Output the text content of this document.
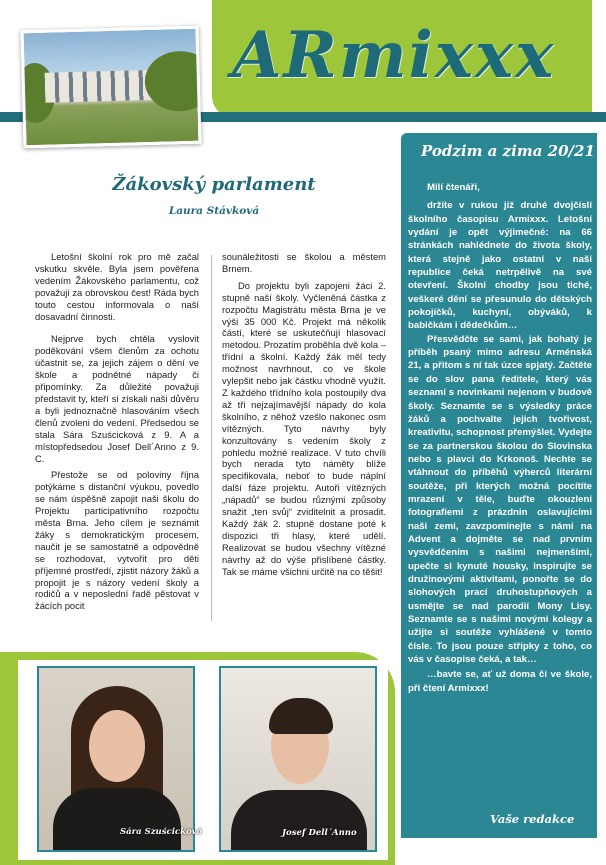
ARmixxx
Žákovský parlament
Laura Stávková

Letošní školní rok pro mě začal vskutku skvěle. Byla jsem pověřena vedením Žákovského parlamentu, což považuji za obrovskou čest! Ráda bych touto cestou informovala o naší dosavadní činnosti.

Nejprve bych chtěla vyslovit poděkování všem členům za ochotu účastnit se, za jejich zájem o dění ve škole a podnětné nápady či připomínky. Za důležité považuji představit ty, kteří si získali naši důvěru a byli jednoznačně hlasováním všech členů zvoleni do vedení. Předsedou se stala Sára Szuścicková z 9. A a místopředsedou Josef Dell´Anno z 9. C.

Přestože se od poloviny října potýkáme s distanční výukou, povedlo se nám úspěšně zapojit naši školu do Projektu participativního rozpočtu města Brna. Jeho cílem je seznámit žáky s demokratickým procesem, naučit je se samostatně a odpovědně se rozhodovat, vytvořit pro děti příjemné prostředí, zjistit názory žáků a propojit je s názory vedení školy a rodičů a v neposlední řadě pěstovat v žácích pocit

sounáležitosti se školou a městem Brnem.

Do projektu byli zapojeni žáci 2. stupně naší školy. Vyčleněná částka z rozpočtu Magistrátu města Brna je ve výši 35 000 Kč. Projekt má několik částí, které se uskutečňují hlasovací metodou. Prozatím proběhla dvě kola – třídní a školní. Každý žák měl tedy možnost navrhnout, co ve škole vylepšit nebo jak částku vhodně využít. Z každého třídního kola postoupily dva až tři nejzajímavější nápady do kola školního, z něhož vzešlo nakonec osm vítězných. Tyto návrhy byly konzultovány s vedením školy z pohledu možné realizace. V tuto chvíli bych nerada tyto náměty blíže specifikovala, neboť to bude náplní další fáze projektu. Autoři vítězných „nápadů“ se budou různými způsoby snažit „ten svůj“ zviditelnit a prosadit. Každý žák 2. stupně dostane poté k dispozici tři hlasy, které udělí. Realizovat se budou všechny vítězné návrhy až do výše přislíbené částky. Tak se máme všichni určitě na co těšit!

Podzim a zima 20/21

Milí čtenáři,

držíte v rukou již druhé dvojčíslí školního časopisu Armixxx. Letošní vydání je opět výjimečné: na 66 stránkách nahlédnete do života školy, která stejně jako ostatní v naší republice čeká netrpělivě na své otevření. Školní chodby jsou tiché, veškeré dění se přesunulo do dětských pokojíčků, kuchyní, obýváků, k babičkám i dědečkům…

Přesvědčte se sami, jak bohatý je příběh psaný mimo adresu Arménská 21, a přitom s ní tak úzce spjatý. Začtěte se do slov pana ředitele, který vás seznamí s novinkami nejenom v budově školy. Seznamte se s výsledky práce žáků a pochvalte jejich tvořivost, kreativitu, schopnost přemýšlet. Vydejte se za partnerskou školou do Slovinska nebo s plavci do Krkonoš. Nechte se vtáhnout do příběhů výherců literární soutěže, při kterých možná pocítíte mrazení v těle, buďte okouzleni fotografiemi z prázdnin oslavujícími naši zemi, zavzpomínejte s námi na Advent a dojměte se nad prvním vysvědčením s našimi nejmenšími, upečte si kynuté housky, inspirujte se družinovými aktivitami, ponořte se do slohových prací druhostupňových a usmějte se nad parodií Mony Lisy. Seznamte se s našimi novými kolegy a užijte si soutěže vyhlášené v tomto čísle. To jsou pouze střípky z toho, co vás v časopise čeká, a tak…

…bavte se, ať už doma či ve škole, při čtení Armixxx!

Vaše redakce
Sára Szuścicková	Josef Dell´Anno
